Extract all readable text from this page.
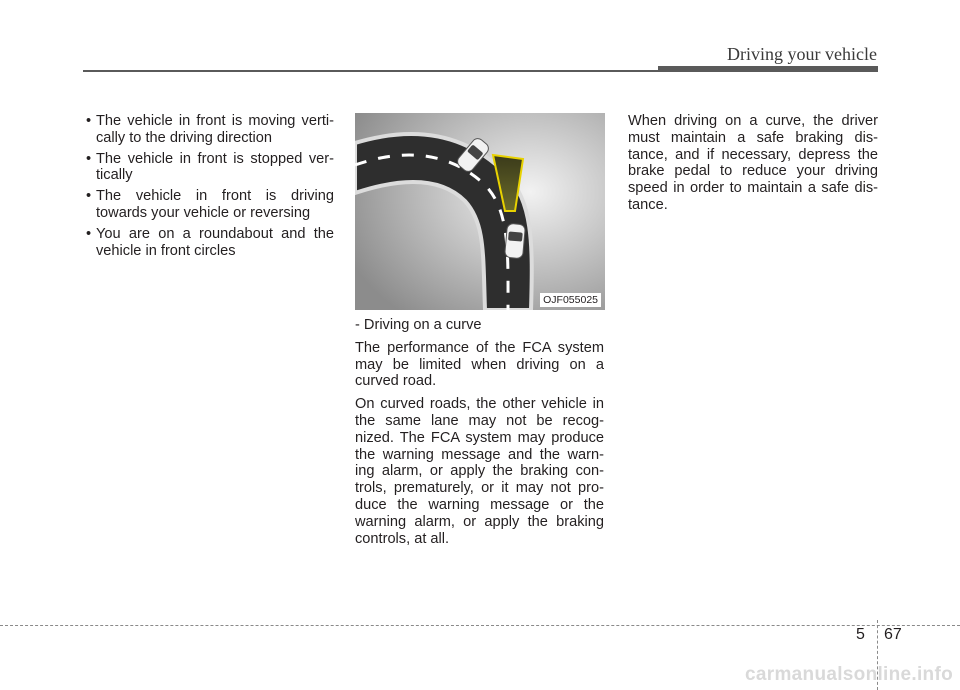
Driving your vehicle
• The vehicle in front is moving verti-cally to the driving direction
• The vehicle in front is stopped ver-tically
• The vehicle in front is driving towards your vehicle or reversing
• You are on a roundabout and the vehicle in front circles
OJF055025

- Driving on a curve

The performance of the FCA system may be limited when driving on a curved road.

On curved roads, the other vehicle in the same lane may not be recog-nized. The FCA system may produce the warning message and the warn-ing alarm, or apply the braking con-trols, prematurely, or it may not pro-duce the warning message or the warning alarm, or apply the braking controls, at all.

When driving on a curve, the driver must maintain a safe braking dis-tance, and if necessary, depress the brake pedal to reduce your driving speed in order to maintain a safe dis-tance.

5 67
carmanualsonline.info
